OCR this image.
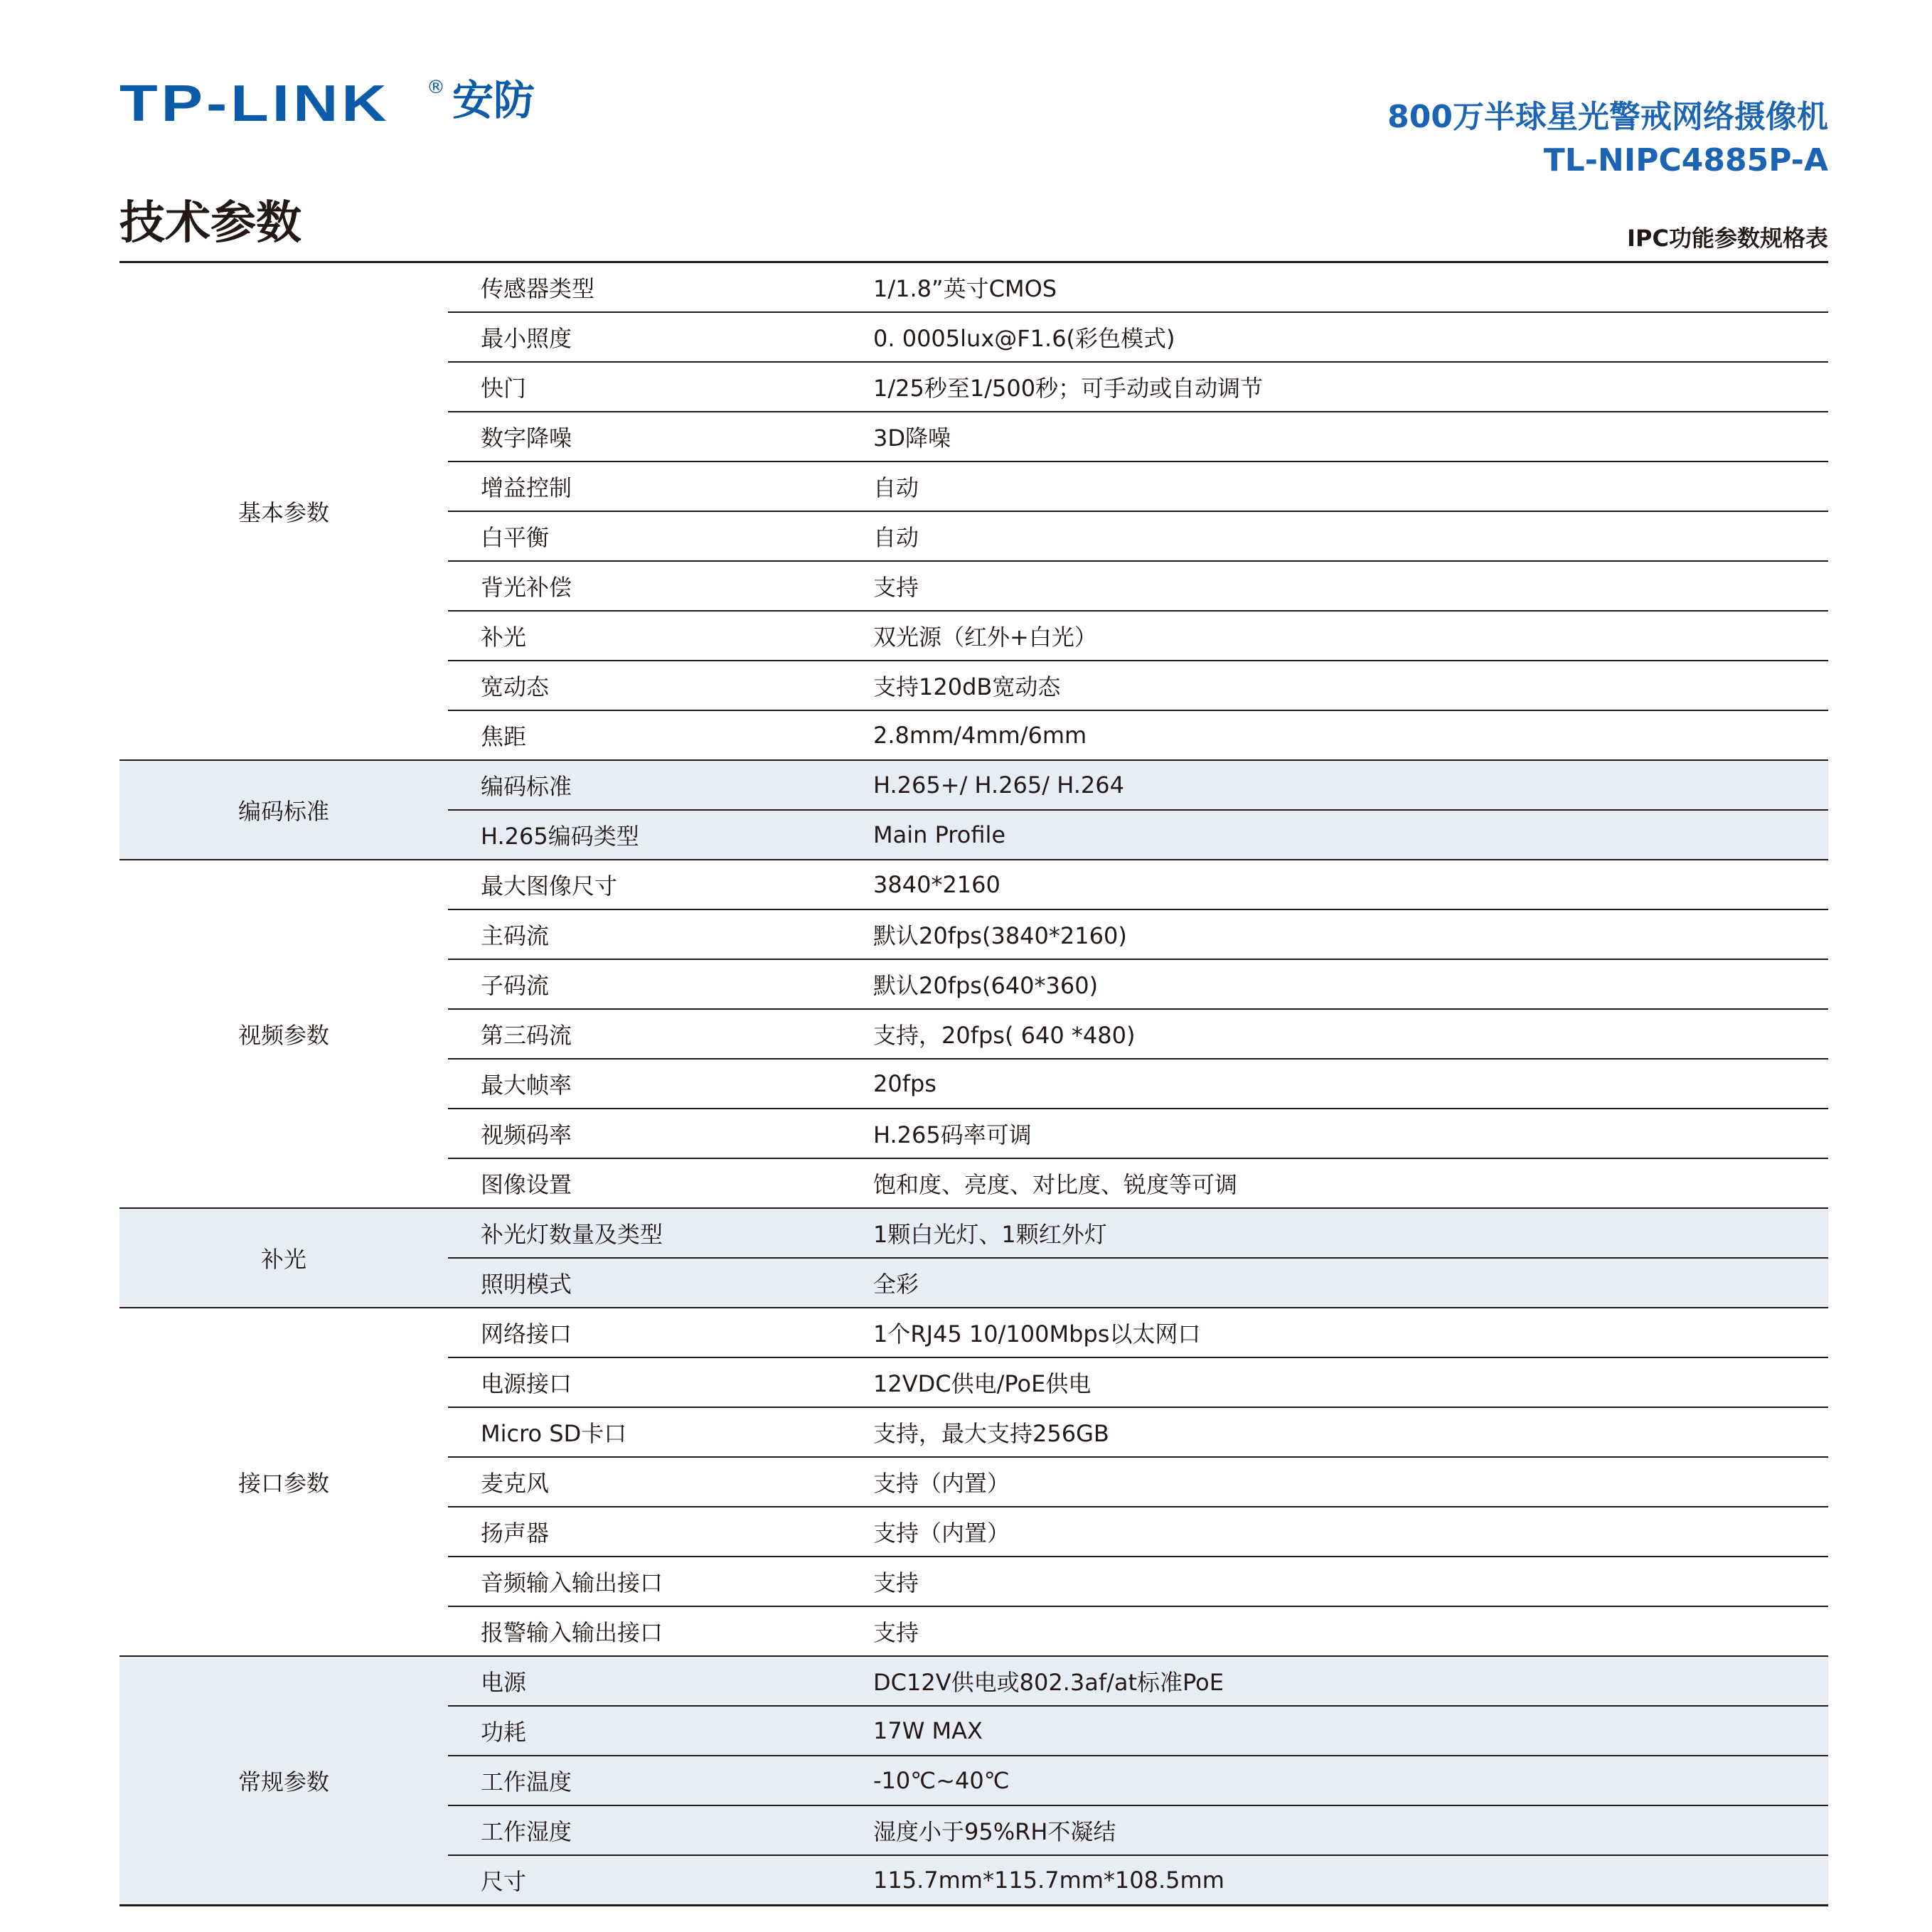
TP-LINK ® 安防	800万半球星光警戒网络摄像机
TL-NIPC4885P-A
技术参数	IPC功能参数规格表
基本参数	传感器类型	1/1.8”英寸CMOS
	最小照度	0. 0005lux@F1.6(彩色模式)
	快门	1/25秒至1/500秒；可手动或自动调节
	数字降噪	3D降噪
	增益控制	自动
	白平衡	自动
	背光补偿	支持
	补光	双光源（红外+白光）
	宽动态	支持120dB宽动态
	焦距	2.8mm/4mm/6mm
编码标准	编码标准	H.265+/ H.265/ H.264
	H.265编码类型	Main Profile
视频参数	最大图像尺寸	3840*2160
	主码流	默认20fps(3840*2160)
	子码流	默认20fps(640*360)
	第三码流	支持，20fps( 640 *480)
	最大帧率	20fps
	视频码率	H.265码率可调
	图像设置	饱和度、亮度、对比度、锐度等可调
补光	补光灯数量及类型	1颗白光灯、1颗红外灯
	照明模式	全彩
接口参数	网络接口	1个RJ45 10/100Mbps以太网口
	电源接口	12VDC供电/PoE供电
	Micro SD卡口	支持，最大支持256GB
	麦克风	支持（内置）
	扬声器	支持（内置）
	音频输入输出接口	支持
	报警输入输出接口	支持
常规参数	电源	DC12V供电或802.3af/at标准PoE
	功耗	17W MAX
	工作温度	-10℃~40℃
	工作湿度	湿度小于95%RH不凝结
	尺寸	115.7mm*115.7mm*108.5mm
